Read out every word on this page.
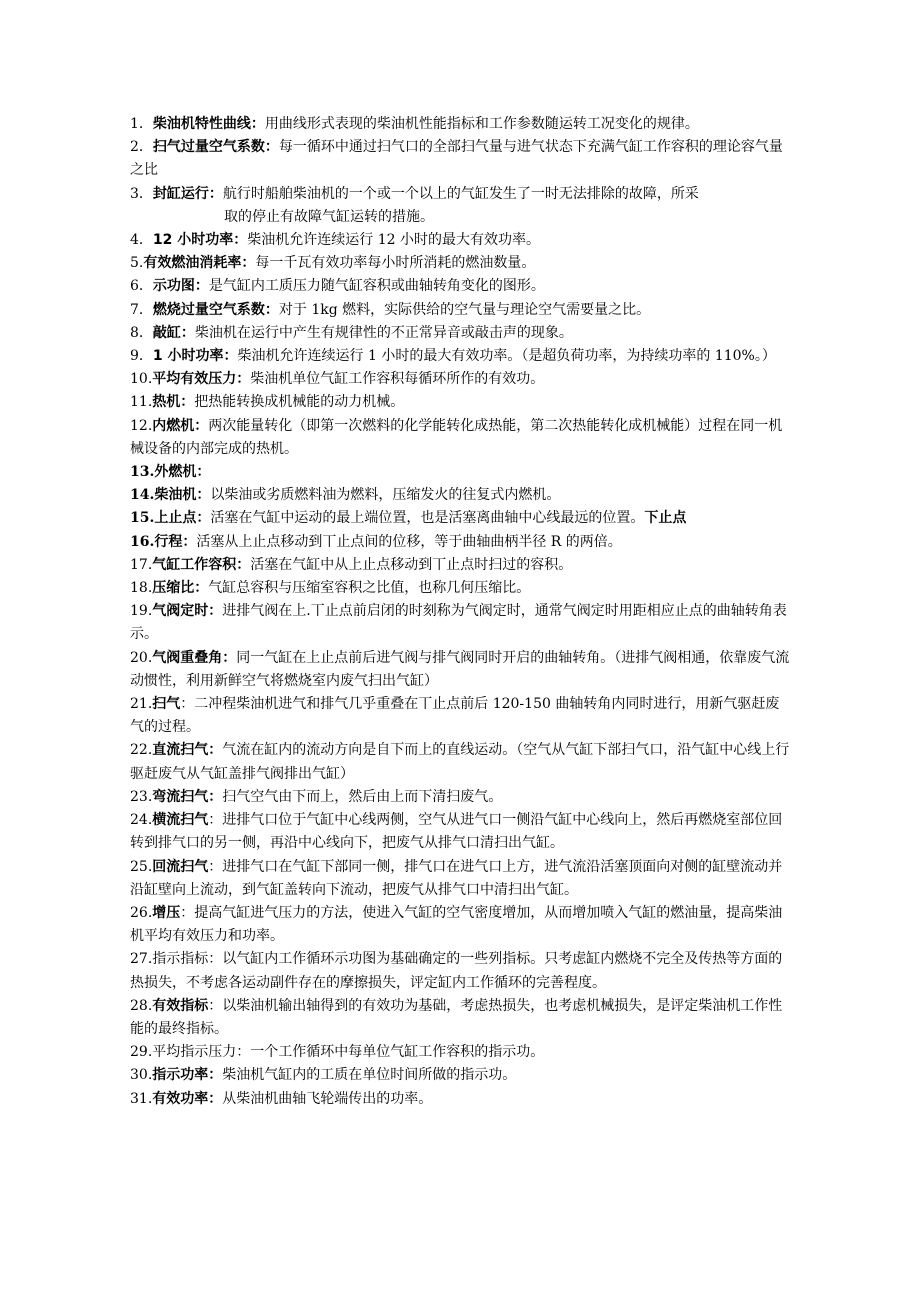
1．柴油机特性曲线：用曲线形式表现的柴油机性能指标和工作参数随运转工况变化的规律。

2．扫气过量空气系数：每一循环中通过扫气口的全部扫气量与进气状态下充满气缸工作容积的理论容气量之比

3．封缸运行：航行时船舶柴油机的一个或一个以上的气缸发生了一时无法排除的故障，所采
取的停止有故障气缸运转的措施。

4．12 小时功率：柴油机允许连续运行 12 小时的最大有效功率。

5.有效燃油消耗率：每一千瓦有效功率每小时所消耗的燃油数量。

6．示功图：是气缸内工质压力随气缸容积或曲轴转角变化的图形。

7．燃烧过量空气系数：对于 1kg 燃料，实际供给的空气量与理论空气需要量之比。

8．敲缸：柴油机在运行中产生有规律性的不正常异音或敲击声的现象。

9．1 小时功率：柴油机允许连续运行 1 小时的最大有效功率。（是超负荷功率，为持续功率的 110%。）

10.平均有效压力：柴油机单位气缸工作容积每循环所作的有效功。

11.热机：把热能转换成机械能的动力机械。

12.内燃机：两次能量转化（即第一次燃料的化学能转化成热能，第二次热能转化成机械能）过程在同一机械设备的内部完成的热机。

13.外燃机：

14.柴油机：以柴油或劣质燃料油为燃料，压缩发火的往复式内燃机。

15.上止点：活塞在气缸中运动的最上端位置，也是活塞离曲轴中心线最远的位置。下止点

16.行程：活塞从上止点移动到丅止点间的位移，等于曲轴曲柄半径 R 的两倍。

17.气缸工作容积：活塞在气缸中从上止点移动到丅止点时扫过的容积。

18.压缩比：气缸总容积与压缩室容积之比值，也称几何压缩比。

19.气阀定时：进排气阀在上.丅止点前启闭的时刻称为气阀定时，通常气阀定时用距相应止点的曲轴转角表示。

20.气阀重叠角：同一气缸在上止点前后进气阀与排气阀同时开启的曲轴转角。（进排气阀相通，依靠废气流动惯性，利用新鲜空气将燃烧室内废气扫出气缸）

21.扫气：二冲程柴油机进气和排气几乎重叠在丅止点前后 120-150 曲轴转角内同时进行，用新气驱赶废气的过程。

22.直流扫气：气流在缸内的流动方向是自下而上的直线运动。（空气从气缸下部扫气口，沿气缸中心线上行驱赶废气从气缸盖排气阀排出气缸）

23.弯流扫气：扫气空气由下而上，然后由上而下清扫废气。

24.横流扫气：进排气口位于气缸中心线两侧，空气从进气口一侧沿气缸中心线向上，然后再燃烧室部位回转到排气口的另一侧，再沿中心线向下，把废气从排气口清扫出气缸。

25.回流扫气：进排气口在气缸下部同一侧，排气口在进气口上方，进气流沿活塞顶面向对侧的缸壁流动并沿缸壁向上流动，到气缸盖转向下流动，把废气从排气口中清扫出气缸。

26.增压：提高气缸进气压力的方法，使进入气缸的空气密度增加，从而增加喷入气缸的燃油量，提高柴油机平均有效压力和功率。

27.指示指标：以气缸内工作循环示功图为基础确定的一些列指标。只考虑缸内燃烧不完全及传热等方面的热损失，不考虑各运动副件存在的摩擦损失，评定缸内工作循环的完善程度。

28.有效指标：以柴油机输出轴得到的有效功为基础，考虑热损失，也考虑机械损失，是评定柴油机工作性能的最终指标。

29.平均指示压力：一个工作循环中每单位气缸工作容积的指示功。

30.指示功率：柴油机气缸内的工质在单位时间所做的指示功。

31.有效功率：从柴油机曲轴飞轮端传出的功率。
